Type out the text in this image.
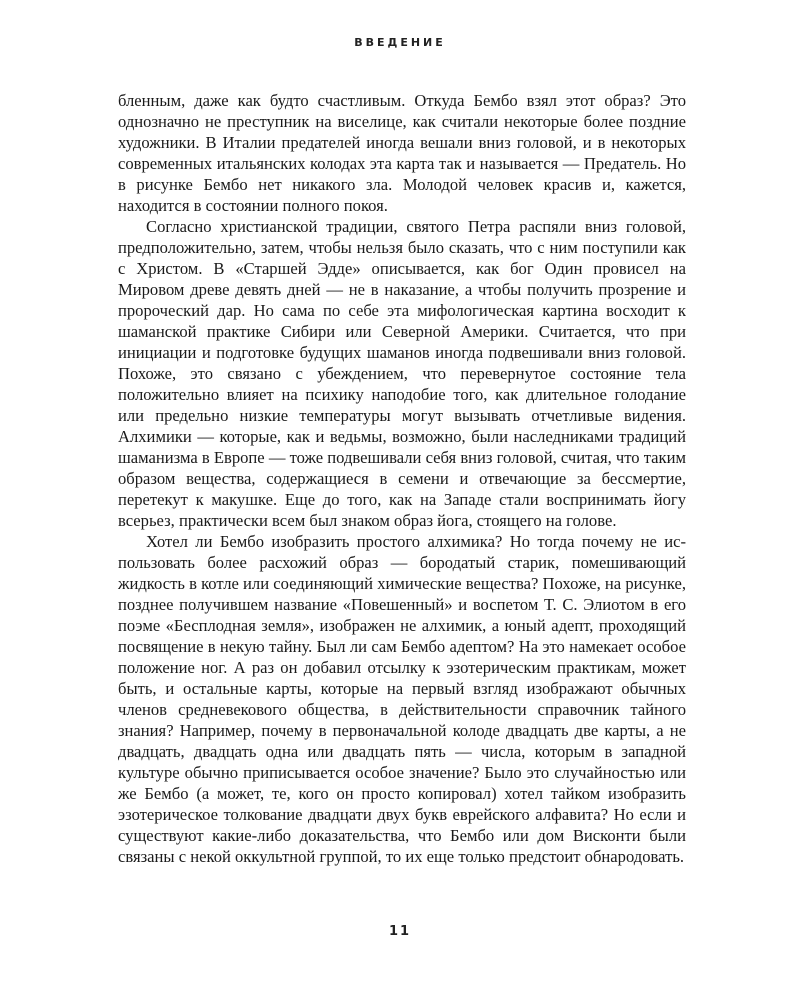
ВВЕДЕНИЕ

бленным, даже как будто счастливым. Откуда Бембо взял этот образ? Это однозначно не преступник на виселице, как считали некоторые более поздние художники. В Италии предателей иногда вешали вниз головой, и в некоторых современных итальянских колодах эта карта так и называется — Предатель. Но в рисунке Бембо нет никакого зла. Молодой человек красив и, кажется, находится в состоянии полного покоя.

Согласно христианской традиции, святого Петра распяли вниз головой, предположительно, затем, чтобы нельзя было сказать, что с ним поступили как с Христом. В «Старшей Эдде» описывается, как бог Один провисел на Мировом древе девять дней — не в наказание, а чтобы получить прозрение и пророческий дар. Но сама по себе эта мифологическая картина восходит к шаманской практике Сибири или Северной Америки. Считается, что при инициации и подготовке будущих шаманов иногда подвешивали вниз головой. Похоже, это связано с убеждением, что перевернутое состояние тела положительно влияет на психику наподобие того, как длительное голодание или предельно низкие температуры могут вызывать отчетливые видения. Алхимики — которые, как и ведьмы, возможно, были наследниками традиций шаманизма в Европе — тоже подвешивали себя вниз головой, считая, что таким образом вещества, содержащиеся в семени и отвечающие за бессмертие, перетекут к макушке. Еще до того, как на Западе стали воспринимать йогу всерьез, практически всем был знаком образ йога, стоящего на голове.

Хотел ли Бембо изобразить простого алхимика? Но тогда почему не использовать более расхожий образ — бородатый старик, помешивающий жидкость в котле или соединяющий химические вещества? Похоже, на рисунке, позднее получившем название «Повешенный» и воспетом Т. С. Элиотом в его поэме «Бесплодная земля», изображен не алхимик, а юный адепт, проходящий посвящение в некую тайну. Был ли сам Бембо адептом? На это намекает особое положение ног. А раз он добавил отсылку к эзотерическим практикам, может быть, и остальные карты, которые на первый взгляд изображают обычных членов средневекового общества, в действительности справочник тайного знания? Например, почему в первоначальной колоде двадцать две карты, а не двадцать, двадцать одна или двадцать пять — числа, которым в западной культуре обычно приписывается особое значение? Было это случайностью или же Бембо (а может, те, кого он просто копировал) хотел тайком изобразить эзотерическое толкование двадцати двух букв еврейского алфавита? Но если и существуют какие-либо доказательства, что Бембо или дом Висконти были связаны с некой оккультной группой, то их еще только предстоит обнародовать.

11
